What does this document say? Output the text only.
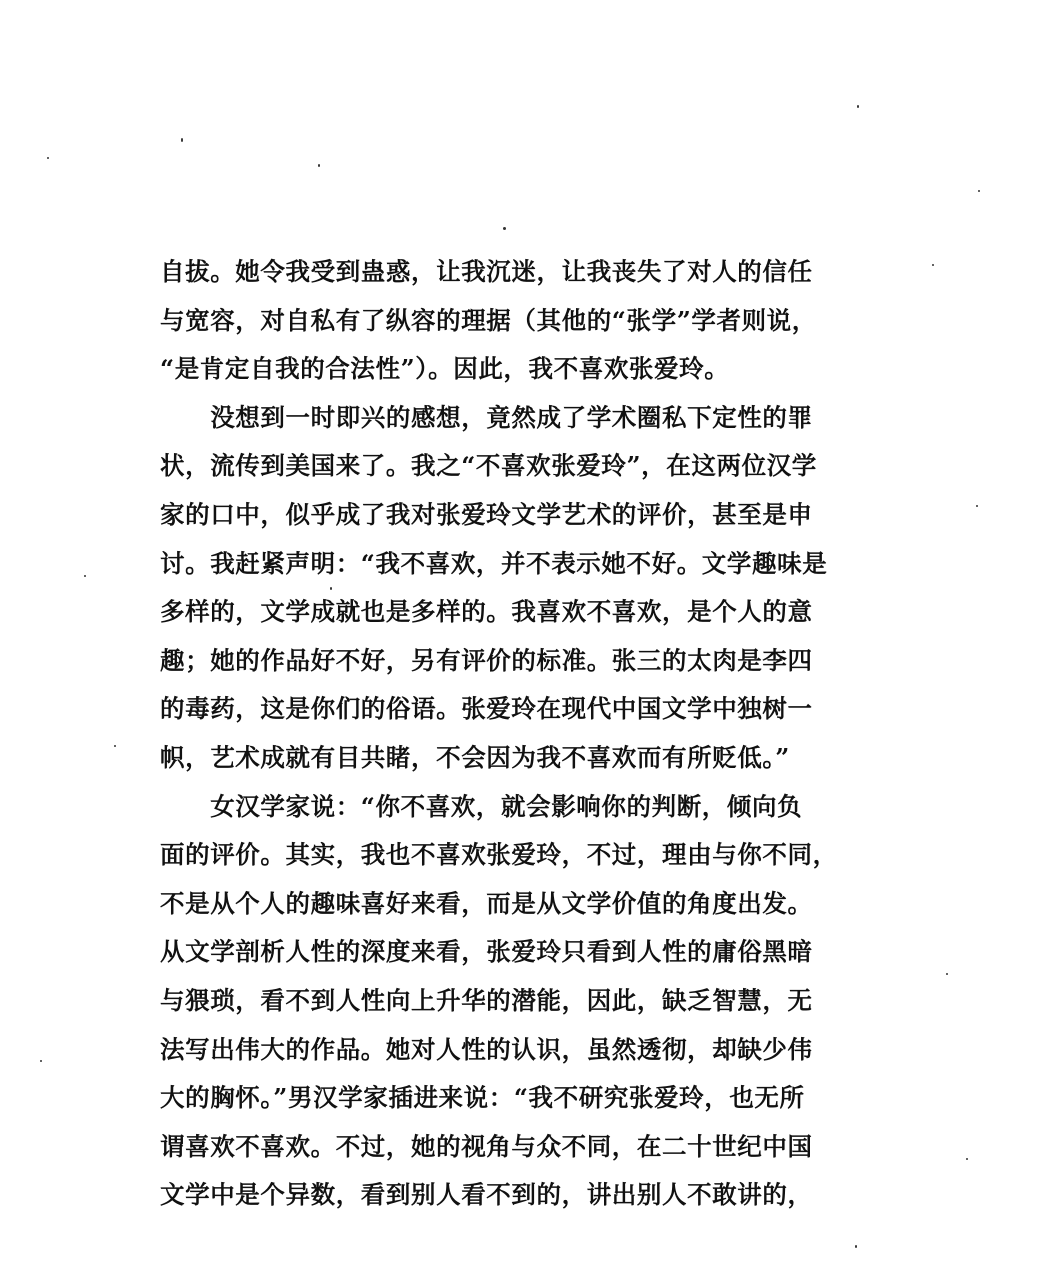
自拔。她令我受到蛊惑，让我沉迷，让我丧失了对人的信任
与宽容，对自私有了纵容的理据（其他的“张学”学者则说，
“是肯定自我的合法性”）。因此，我不喜欢张爱玲。
　　没想到一时即兴的感想，竟然成了学术圈私下定性的罪
状，流传到美国来了。我之“不喜欢张爱玲”，在这两位汉学
家的口中，似乎成了我对张爱玲文学艺术的评价，甚至是申
讨。我赶紧声明：“我不喜欢，并不表示她不好。文学趣味是
多样的，文学成就也是多样的。我喜欢不喜欢，是个人的意
趣；她的作品好不好，另有评价的标准。张三的太肉是李四
的毒药，这是你们的俗语。张爱玲在现代中国文学中独树一
帜，艺术成就有目共睹，不会因为我不喜欢而有所贬低。”
　　女汉学家说：“你不喜欢，就会影响你的判断，倾向负
面的评价。其实，我也不喜欢张爱玲，不过，理由与你不同，
不是从个人的趣味喜好来看，而是从文学价值的角度出发。
从文学剖析人性的深度来看，张爱玲只看到人性的庸俗黑暗
与猥琐，看不到人性向上升华的潜能，因此，缺乏智慧，无
法写出伟大的作品。她对人性的认识，虽然透彻，却缺少伟
大的胸怀。”男汉学家插进来说：“我不研究张爱玲，也无所
谓喜欢不喜欢。不过，她的视角与众不同，在二十世纪中国
文学中是个异数，看到别人看不到的，讲出别人不敢讲的，
